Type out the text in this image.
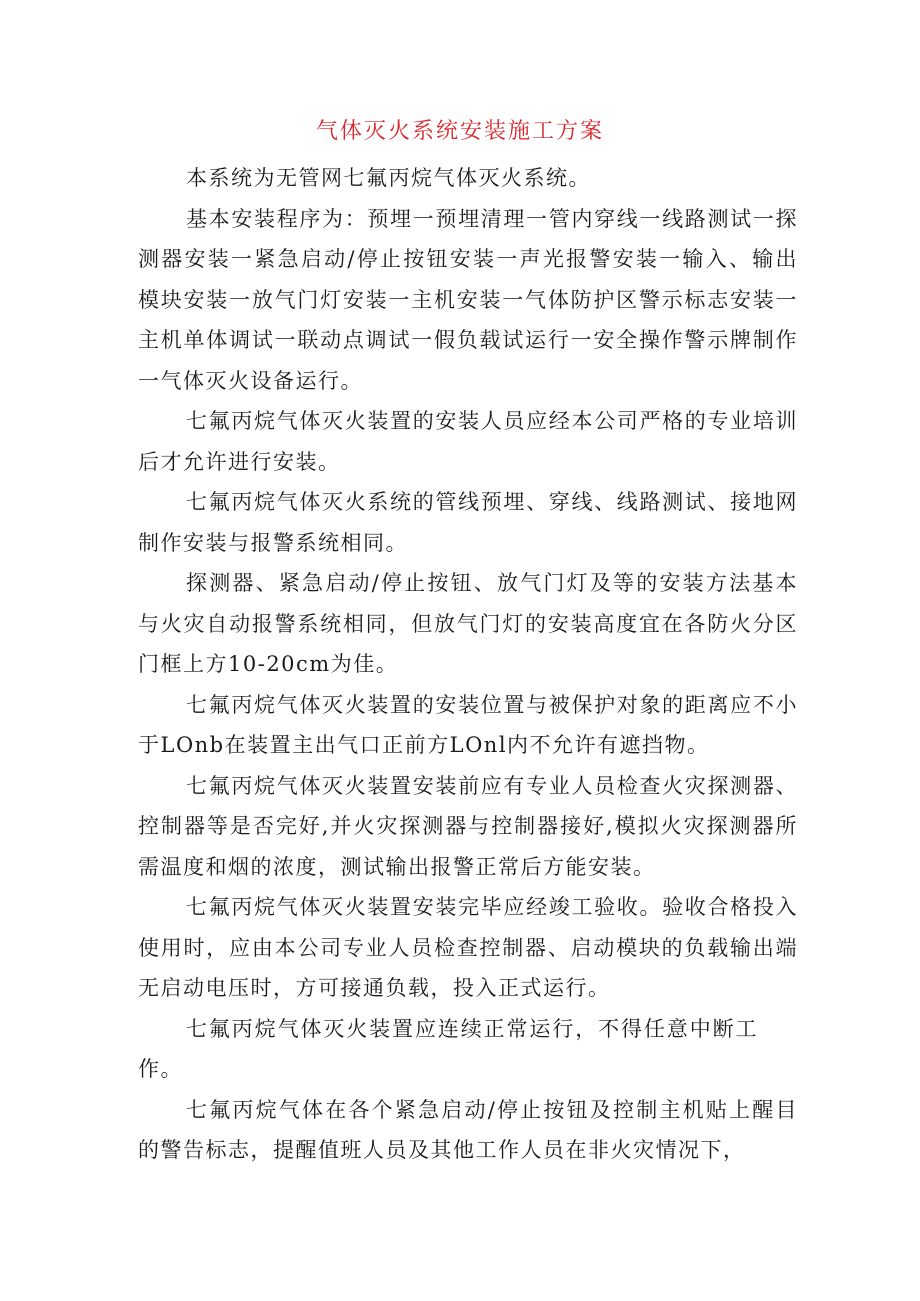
气体灭火系统安装施工方案

本系统为无管网七氟丙烷气体灭火系统。

基本安装程序为：预埋一预埋清理一管内穿线一线路测试一探测器安装一紧急启动/停止按钮安装一声光报警安装一输入、输出模块安装一放气门灯安装一主机安装一气体防护区警示标志安装一主机单体调试一联动点调试一假负载试运行一安全操作警示牌制作一气体灭火设备运行。

七氟丙烷气体灭火装置的安装人员应经本公司严格的专业培训后才允许进行安装。

七氟丙烷气体灭火系统的管线预埋、穿线、线路测试、接地网制作安装与报警系统相同。

探测器、紧急启动/停止按钮、放气门灯及等的安装方法基本与火灾自动报警系统相同，但放气门灯的安装高度宜在各防火分区门框上方10-20cm为佳。

七氟丙烷气体灭火装置的安装位置与被保护对象的距离应不小于LOnb在装置主出气口正前方LOnl内不允许有遮挡物。

七氟丙烷气体灭火装置安装前应有专业人员检查火灾探测器、控制器等是否完好,并火灾探测器与控制器接好,模拟火灾探测器所需温度和烟的浓度，测试输出报警正常后方能安装。

七氟丙烷气体灭火装置安装完毕应经竣工验收。验收合格投入使用时，应由本公司专业人员检查控制器、启动模块的负载输出端无启动电压时，方可接通负载，投入正式运行。

七氟丙烷气体灭火装置应连续正常运行，不得任意中断工作。

七氟丙烷气体在各个紧急启动/停止按钮及控制主机贴上醒目的警告标志，提醒值班人员及其他工作人员在非火灾情况下，
